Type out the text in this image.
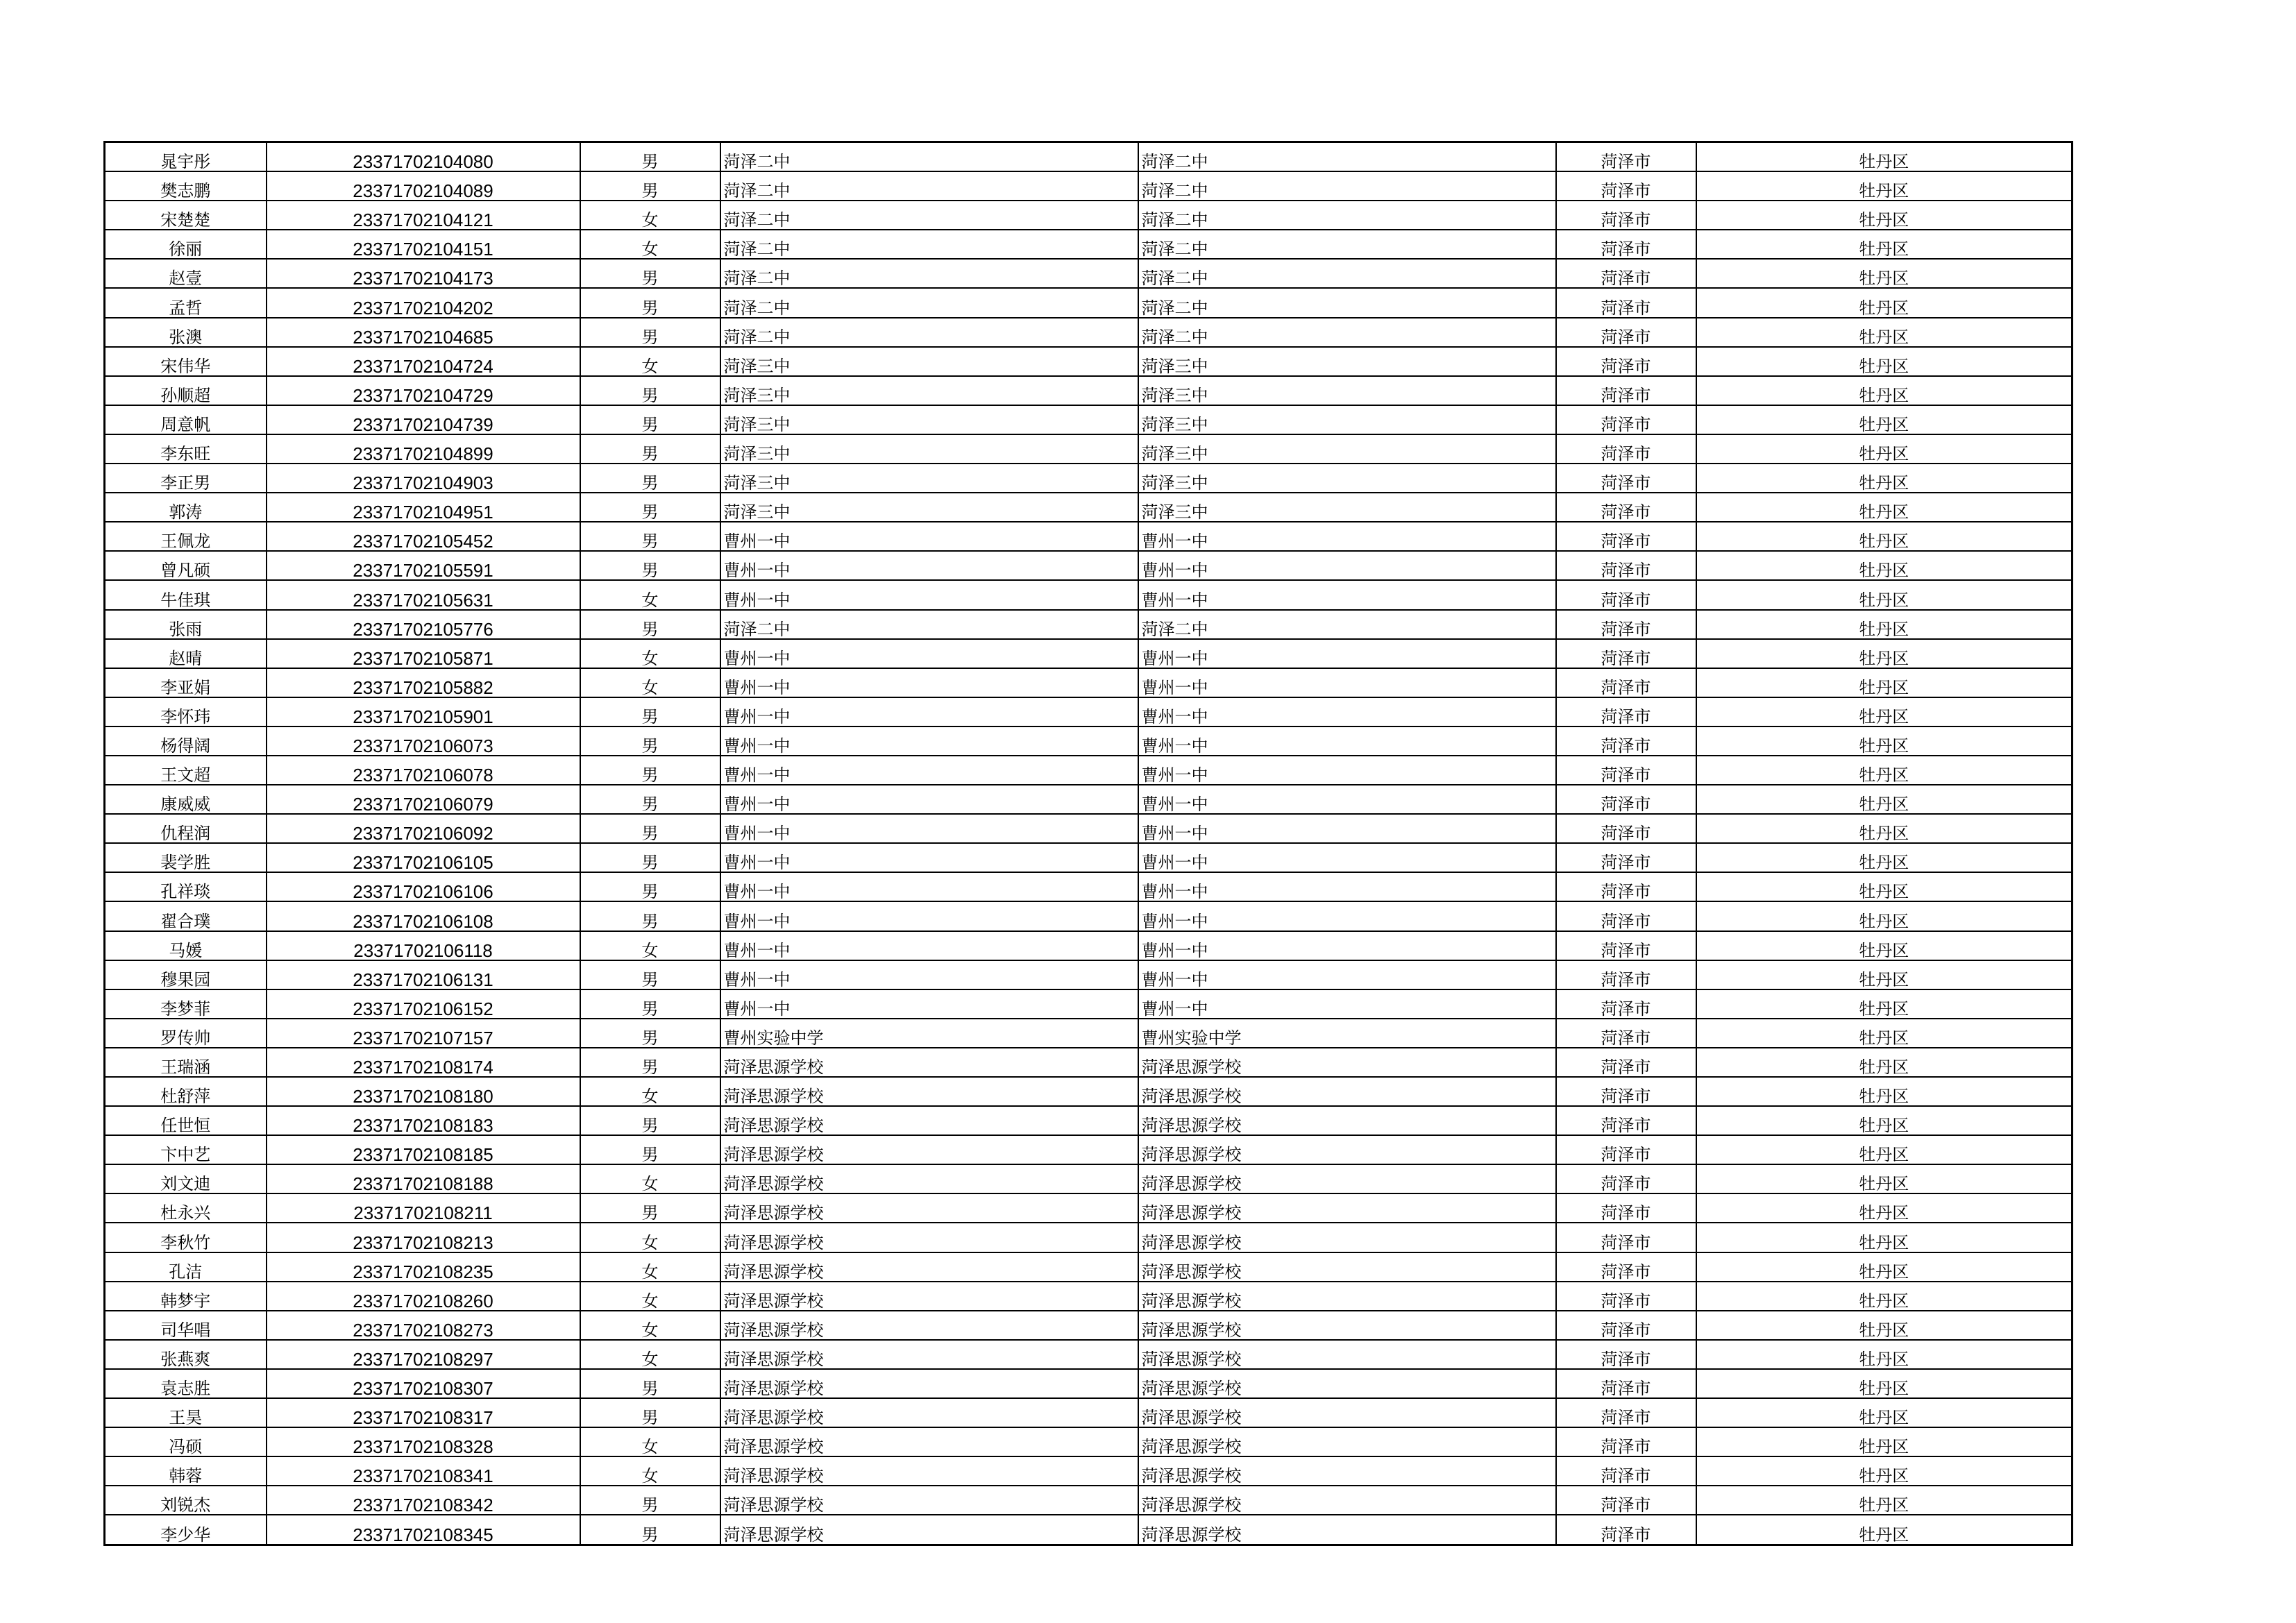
晁宇彤	23371702104080	男	菏泽二中	菏泽二中	菏泽市	牡丹区
樊志鹏	23371702104089	男	菏泽二中	菏泽二中	菏泽市	牡丹区
宋楚楚	23371702104121	女	菏泽二中	菏泽二中	菏泽市	牡丹区
徐丽	23371702104151	女	菏泽二中	菏泽二中	菏泽市	牡丹区
赵壹	23371702104173	男	菏泽二中	菏泽二中	菏泽市	牡丹区
孟哲	23371702104202	男	菏泽二中	菏泽二中	菏泽市	牡丹区
张澳	23371702104685	男	菏泽二中	菏泽二中	菏泽市	牡丹区
宋伟华	23371702104724	女	菏泽三中	菏泽三中	菏泽市	牡丹区
孙顺超	23371702104729	男	菏泽三中	菏泽三中	菏泽市	牡丹区
周意帆	23371702104739	男	菏泽三中	菏泽三中	菏泽市	牡丹区
李东旺	23371702104899	男	菏泽三中	菏泽三中	菏泽市	牡丹区
李正男	23371702104903	男	菏泽三中	菏泽三中	菏泽市	牡丹区
郭涛	23371702104951	男	菏泽三中	菏泽三中	菏泽市	牡丹区
王佩龙	23371702105452	男	曹州一中	曹州一中	菏泽市	牡丹区
曾凡硕	23371702105591	男	曹州一中	曹州一中	菏泽市	牡丹区
牛佳琪	23371702105631	女	曹州一中	曹州一中	菏泽市	牡丹区
张雨	23371702105776	男	菏泽二中	菏泽二中	菏泽市	牡丹区
赵晴	23371702105871	女	曹州一中	曹州一中	菏泽市	牡丹区
李亚娟	23371702105882	女	曹州一中	曹州一中	菏泽市	牡丹区
李怀玮	23371702105901	男	曹州一中	曹州一中	菏泽市	牡丹区
杨得阔	23371702106073	男	曹州一中	曹州一中	菏泽市	牡丹区
王文超	23371702106078	男	曹州一中	曹州一中	菏泽市	牡丹区
康威威	23371702106079	男	曹州一中	曹州一中	菏泽市	牡丹区
仇程润	23371702106092	男	曹州一中	曹州一中	菏泽市	牡丹区
裴学胜	23371702106105	男	曹州一中	曹州一中	菏泽市	牡丹区
孔祥琰	23371702106106	男	曹州一中	曹州一中	菏泽市	牡丹区
翟合璞	23371702106108	男	曹州一中	曹州一中	菏泽市	牡丹区
马媛	23371702106118	女	曹州一中	曹州一中	菏泽市	牡丹区
穆果园	23371702106131	男	曹州一中	曹州一中	菏泽市	牡丹区
李梦菲	23371702106152	男	曹州一中	曹州一中	菏泽市	牡丹区
罗传帅	23371702107157	男	曹州实验中学	曹州实验中学	菏泽市	牡丹区
王瑞涵	23371702108174	男	菏泽思源学校	菏泽思源学校	菏泽市	牡丹区
杜舒萍	23371702108180	女	菏泽思源学校	菏泽思源学校	菏泽市	牡丹区
任世恒	23371702108183	男	菏泽思源学校	菏泽思源学校	菏泽市	牡丹区
卞中艺	23371702108185	男	菏泽思源学校	菏泽思源学校	菏泽市	牡丹区
刘文迪	23371702108188	女	菏泽思源学校	菏泽思源学校	菏泽市	牡丹区
杜永兴	23371702108211	男	菏泽思源学校	菏泽思源学校	菏泽市	牡丹区
李秋竹	23371702108213	女	菏泽思源学校	菏泽思源学校	菏泽市	牡丹区
孔洁	23371702108235	女	菏泽思源学校	菏泽思源学校	菏泽市	牡丹区
韩梦宇	23371702108260	女	菏泽思源学校	菏泽思源学校	菏泽市	牡丹区
司华唱	23371702108273	女	菏泽思源学校	菏泽思源学校	菏泽市	牡丹区
张燕爽	23371702108297	女	菏泽思源学校	菏泽思源学校	菏泽市	牡丹区
袁志胜	23371702108307	男	菏泽思源学校	菏泽思源学校	菏泽市	牡丹区
王昊	23371702108317	男	菏泽思源学校	菏泽思源学校	菏泽市	牡丹区
冯硕	23371702108328	女	菏泽思源学校	菏泽思源学校	菏泽市	牡丹区
韩蓉	23371702108341	女	菏泽思源学校	菏泽思源学校	菏泽市	牡丹区
刘锐杰	23371702108342	男	菏泽思源学校	菏泽思源学校	菏泽市	牡丹区
李少华	23371702108345	男	菏泽思源学校	菏泽思源学校	菏泽市	牡丹区
